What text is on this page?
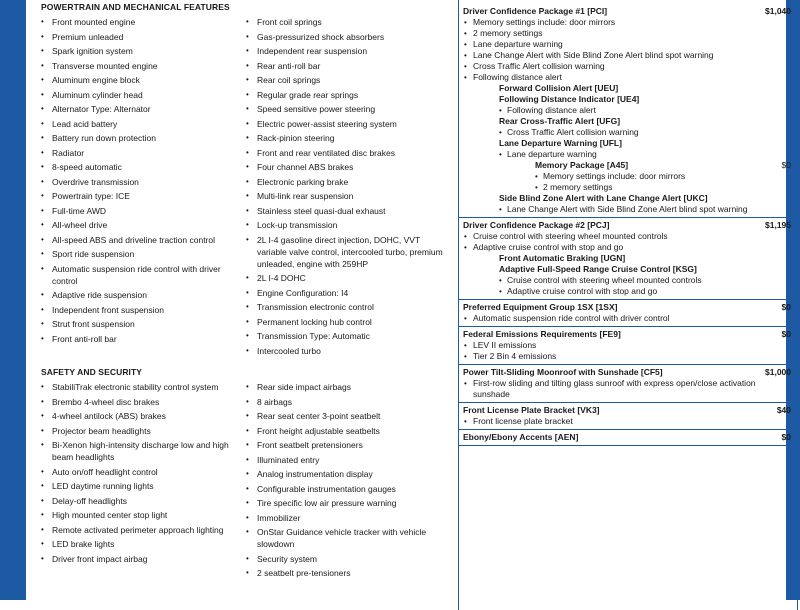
POWERTRAIN AND MECHANICAL FEATURES
• Front mounted engine
• Premium unleaded
• Spark ignition system
• Transverse mounted engine
• Aluminum engine block
• Aluminum cylinder head
• Alternator Type: Alternator
• Lead acid battery
• Battery run down protection
• Radiator
• 8-speed automatic
• Overdrive transmission
• Powertrain type: ICE
• Full-time AWD
• All-wheel drive
• All-speed ABS and driveline traction control
• Sport ride suspension
• Automatic suspension ride control with driver control
• Adaptive ride suspension
• Independent front suspension
• Strut front suspension
• Front anti-roll bar
• Front coil springs
• Gas-pressurized shock absorbers
• Independent rear suspension
• Rear anti-roll bar
• Rear coil springs
• Regular grade rear springs
• Speed sensitive power steering
• Electric power-assist steering system
• Rack-pinion steering
• Front and rear ventilated disc brakes
• Four channel ABS brakes
• Electronic parking brake
• Multi-link rear suspension
• Stainless steel quasi-dual exhaust
• Lock-up transmission
• 2L I-4 gasoline direct injection, DOHC, VVT variable valve control, intercooled turbo, premium unleaded, engine with 259HP
• 2L I-4 DOHC
• Engine Configuration: I4
• Transmission electronic control
• Permanent locking hub control
• Transmission Type: Automatic
• Intercooled turbo
SAFETY AND SECURITY
• StabiliTrak electronic stability control system
• Brembo 4-wheel disc brakes
• 4-wheel antilock (ABS) brakes
• Projector beam headlights
• Bi-Xenon high-intensity discharge low and high beam headlights
• Auto on/off headlight control
• LED daytime running lights
• Delay-off headlights
• High mounted center stop light
• Remote activated perimeter approach lighting
• LED brake lights
• Driver front impact airbag
• Rear side impact airbags
• 8 airbags
• Rear seat center 3-point seatbelt
• Front height adjustable seatbelts
• Front seatbelt pretensioners
• Illuminated entry
• Analog instrumentation display
• Configurable instrumentation gauges
• Tire specific low air pressure warning
• Immobilizer
• OnStar Guidance vehicle tracker with vehicle slowdown
• Security system
• 2 seatbelt pre-tensioners
Driver Confidence Package #1 [PCI]	$1,040
• Memory settings include: door mirrors
• 2 memory settings
• Lane departure warning
• Lane Change Alert with Side Blind Zone Alert blind spot warning
• Cross Traffic Alert collision warning
• Following distance alert
Forward Collision Alert [UEU]
Following Distance Indicator [UE4]
• Following distance alert
Rear Cross-Traffic Alert [UFG]
• Cross Traffic Alert collision warning
Lane Departure Warning [UFL]
• Lane departure warning
Memory Package [A45]	$0
• Memory settings include: door mirrors
• 2 memory settings
Side Blind Zone Alert with Lane Change Alert [UKC]
• Lane Change Alert with Side Blind Zone Alert blind spot warning
Driver Confidence Package #2 [PCJ]	$1,195
• Cruise control with steering wheel mounted controls
• Adaptive cruise control with stop and go
Front Automatic Braking [UGN]
Adaptive Full-Speed Range Cruise Control [KSG]
• Cruise control with steering wheel mounted controls
• Adaptive cruise control with stop and go
Preferred Equipment Group 1SX [1SX]	$0
• Automatic suspension ride control with driver control
Federal Emissions Requirements [FE9]	$0
• LEV II emissions
• Tier 2 Bin 4 emissions
Power Tilt-Sliding Moonroof with Sunshade [CF5]	$1,000
• First-row sliding and tilting glass sunroof with express open/close activation sunshade
Front License Plate Bracket [VK3]	$40
• Front license plate bracket
Ebony/Ebony Accents [AEN]	$0
